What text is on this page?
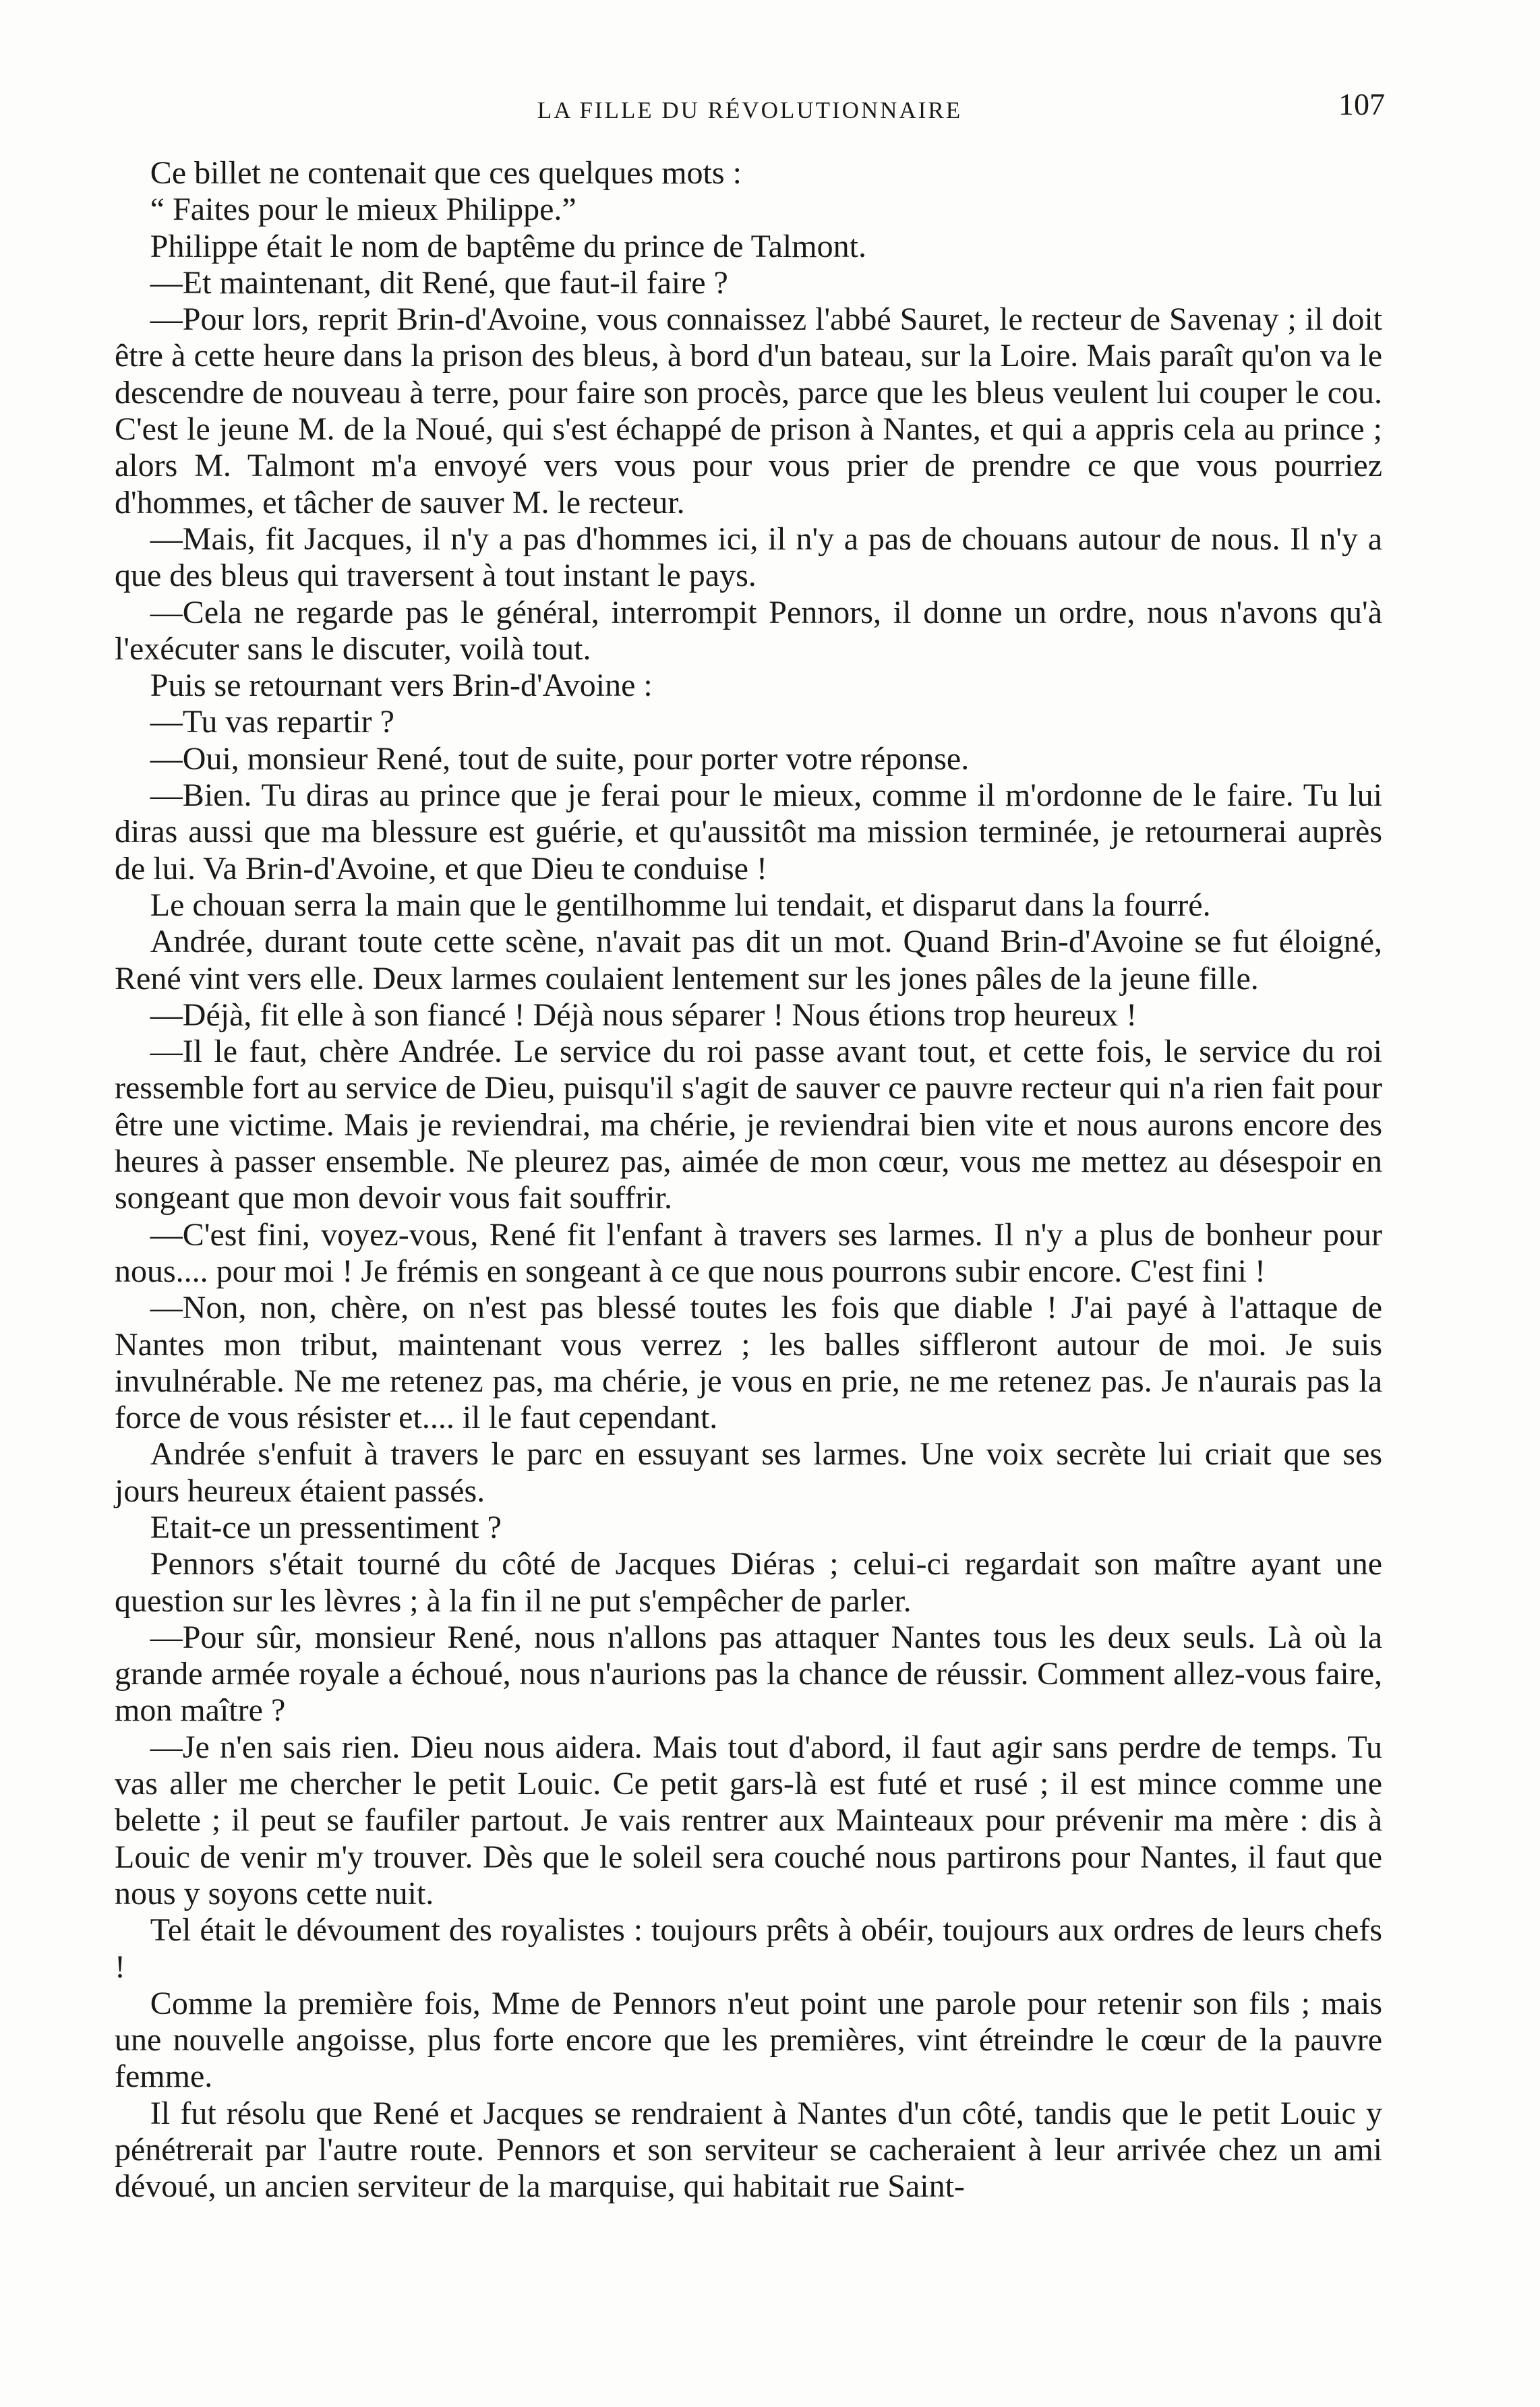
LA FILLE DU RÉVOLUTIONNAIRE	107

Ce billet ne contenait que ces quelques mots :

“ Faites pour le mieux Philippe.”

Philippe était le nom de baptême du prince de Talmont.

—Et maintenant, dit René, que faut-il faire ?

—Pour lors, reprit Brin-d'Avoine, vous connaissez l'abbé Sauret, le recteur de Savenay ; il doit être à cette heure dans la prison des bleus, à bord d'un bateau, sur la Loire. Mais paraît qu'on va le descendre de nouveau à terre, pour faire son procès, parce que les bleus veulent lui couper le cou. C'est le jeune M. de la Noué, qui s'est échappé de prison à Nantes, et qui a appris cela au prince ; alors M. Talmont m'a envoyé vers vous pour vous prier de prendre ce que vous pourriez d'hommes, et tâcher de sauver M. le recteur.

—Mais, fit Jacques, il n'y a pas d'hommes ici, il n'y a pas de chouans autour de nous. Il n'y a que des bleus qui traversent à tout instant le pays.

—Cela ne regarde pas le général, interrompit Pennors, il donne un ordre, nous n'avons qu'à l'exécuter sans le discuter, voilà tout.

Puis se retournant vers Brin-d'Avoine :

—Tu vas repartir ?

—Oui, monsieur René, tout de suite, pour porter votre réponse.

—Bien. Tu diras au prince que je ferai pour le mieux, comme il m'ordonne de le faire. Tu lui diras aussi que ma blessure est guérie, et qu'aussitôt ma mission terminée, je retournerai auprès de lui. Va Brin-d'Avoine, et que Dieu te conduise !

Le chouan serra la main que le gentilhomme lui tendait, et disparut dans la fourré.

Andrée, durant toute cette scène, n'avait pas dit un mot. Quand Brin-d'Avoine se fut éloigné, René vint vers elle. Deux larmes coulaient lentement sur les jones pâles de la jeune fille.

—Déjà, fit elle à son fiancé ! Déjà nous séparer ! Nous étions trop heureux !

—Il le faut, chère Andrée. Le service du roi passe avant tout, et cette fois, le service du roi ressemble fort au service de Dieu, puisqu'il s'agit de sauver ce pauvre recteur qui n'a rien fait pour être une victime. Mais je reviendrai, ma chérie, je reviendrai bien vite et nous aurons encore des heures à passer ensemble. Ne pleurez pas, aimée de mon cœur, vous me mettez au désespoir en songeant que mon devoir vous fait souffrir.

—C'est fini, voyez-vous, René fit l'enfant à travers ses larmes. Il n'y a plus de bonheur pour nous.... pour moi ! Je frémis en songeant à ce que nous pourrons subir encore. C'est fini !

—Non, non, chère, on n'est pas blessé toutes les fois que diable ! J'ai payé à l'attaque de Nantes mon tribut, maintenant vous verrez ; les balles siffleront autour de moi. Je suis invulnérable. Ne me retenez pas, ma chérie, je vous en prie, ne me retenez pas. Je n'aurais pas la force de vous résister et.... il le faut cependant.

Andrée s'enfuit à travers le parc en essuyant ses larmes. Une voix secrète lui criait que ses jours heureux étaient passés.

Etait-ce un pressentiment ?

Pennors s'était tourné du côté de Jacques Diéras ; celui-ci regardait son maître ayant une question sur les lèvres ; à la fin il ne put s'empêcher de parler.

—Pour sûr, monsieur René, nous n'allons pas attaquer Nantes tous les deux seuls. Là où la grande armée royale a échoué, nous n'aurions pas la chance de réussir. Comment allez-vous faire, mon maître ?

—Je n'en sais rien. Dieu nous aidera. Mais tout d'abord, il faut agir sans perdre de temps. Tu vas aller me chercher le petit Louic. Ce petit gars-là est futé et rusé ; il est mince comme une belette ; il peut se faufiler partout. Je vais rentrer aux Mainteaux pour prévenir ma mère : dis à Louic de venir m'y trouver. Dès que le soleil sera couché nous partirons pour Nantes, il faut que nous y soyons cette nuit.

Tel était le dévoument des royalistes : toujours prêts à obéir, toujours aux ordres de leurs chefs !

Comme la première fois, Mme de Pennors n'eut point une parole pour retenir son fils ; mais une nouvelle angoisse, plus forte encore que les premières, vint étreindre le cœur de la pauvre femme.

Il fut résolu que René et Jacques se rendraient à Nantes d'un côté, tandis que le petit Louic y pénétrerait par l'autre route. Pennors et son serviteur se cacheraient à leur arrivée chez un ami dévoué, un ancien serviteur de la marquise, qui habitait rue Saint-
